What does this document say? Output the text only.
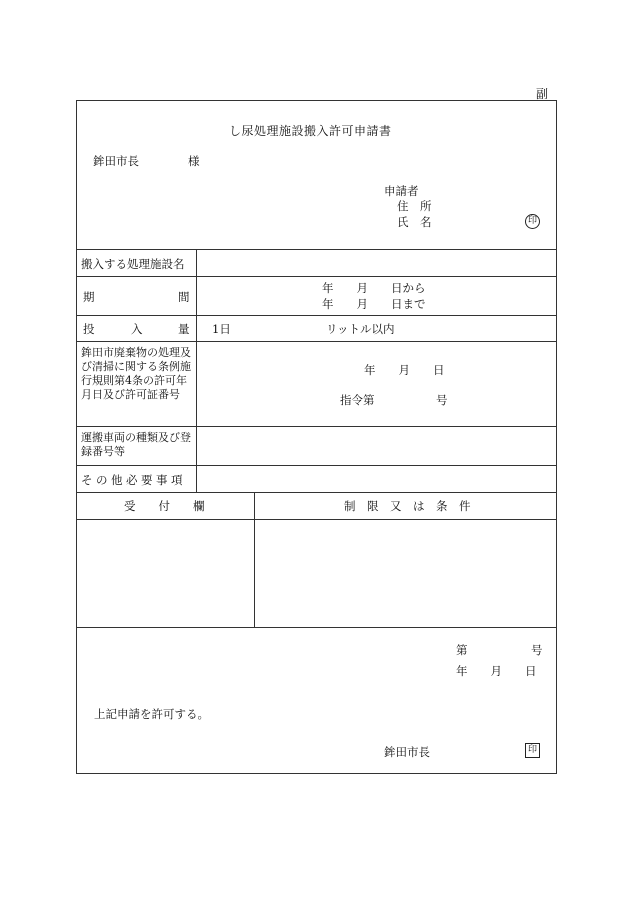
副
し尿処理施設搬入許可申請書
鉾田市長	様
申請者
住　所
氏　名	印
搬入する処理施設名
期	間
年　　月　　日から
年　　月　　日まで
投	入	量 1日	リットル以内
鉾田市廃棄物の処理及び清掃に関する条例施行規則第4条の許可年月日及び許可証番号
年　　月　　日
指令第	号
運搬車両の種類及び登録番号等
その他必要事項
受　　付　　欄	制　限　又　は　条　件
第	号
年　　月　　日
上記申請を許可する。
鉾田市長	印
